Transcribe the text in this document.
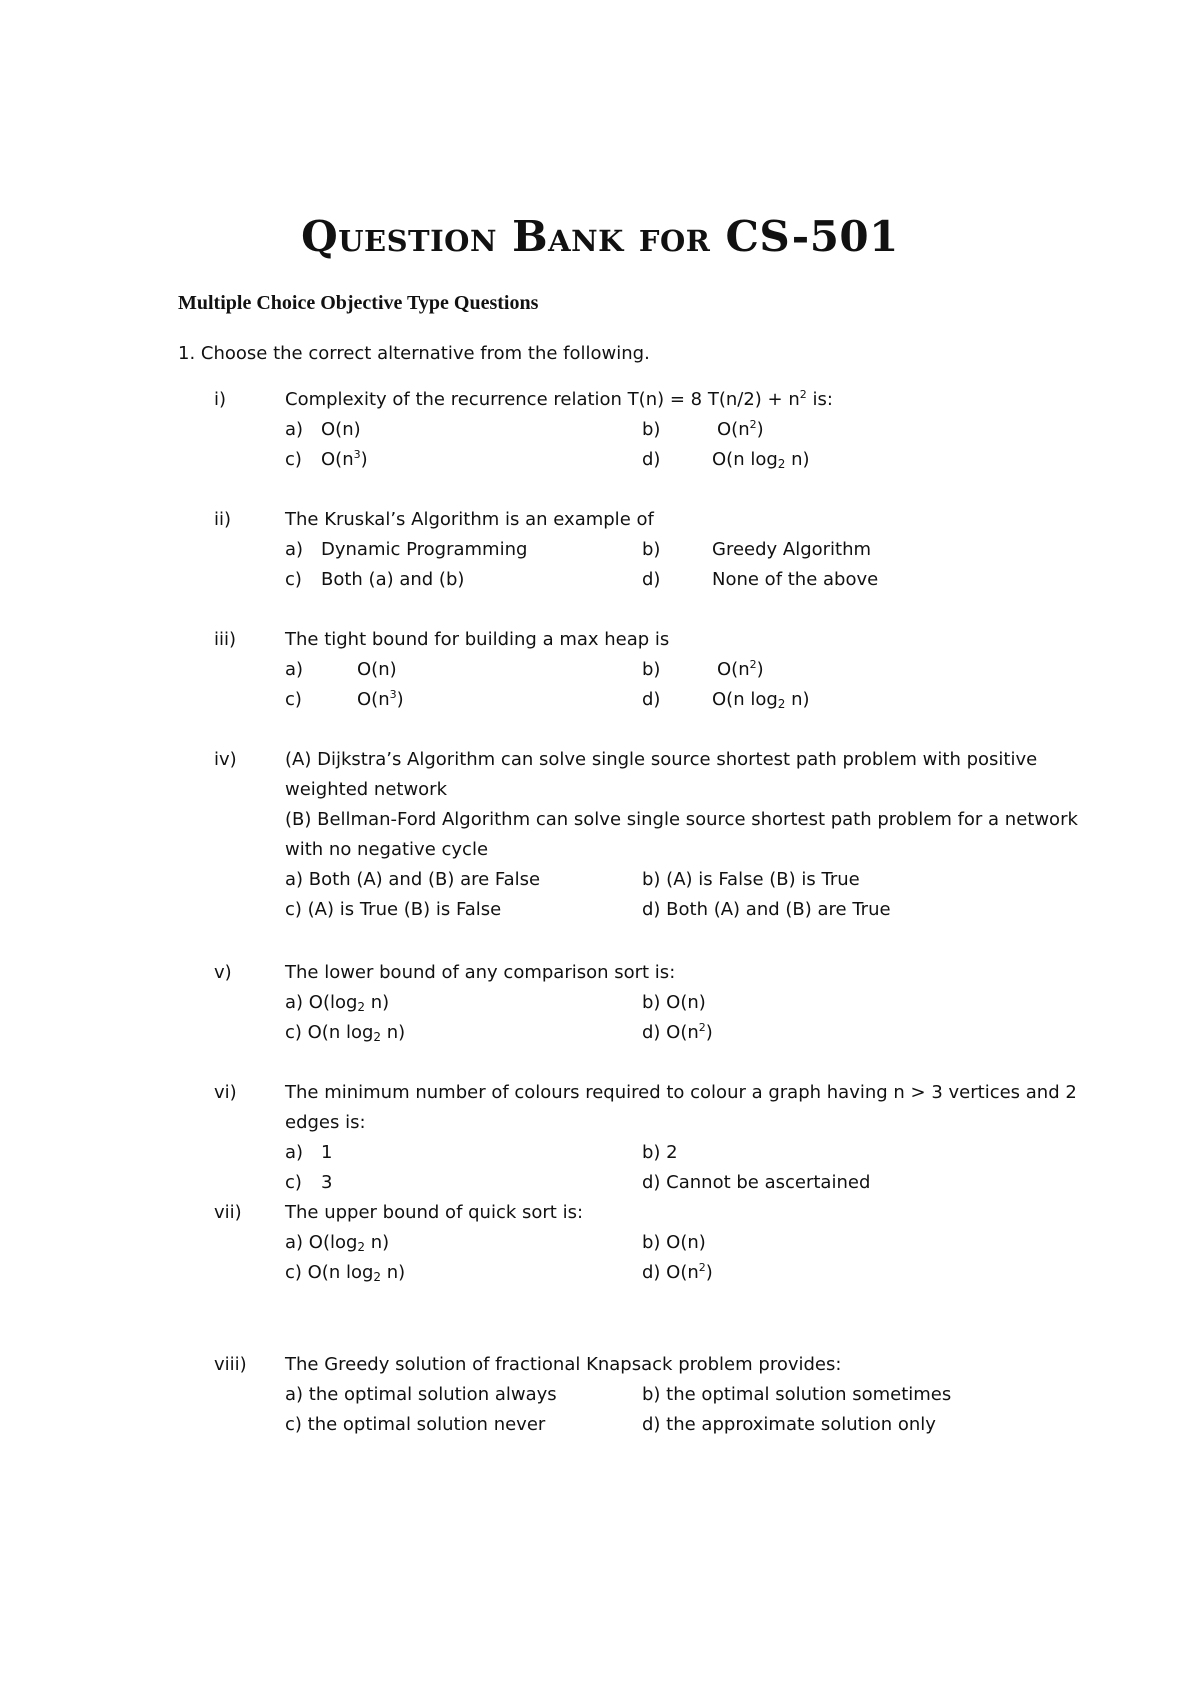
Question Bank for CS-501
Multiple Choice Objective Type Questions
1. Choose the correct alternative from the following.
i)	Complexity of the recurrence relation T(n) = 8 $T(n/2) + n^2$ is:
a) O(n)	b)	$O(n^2)$
c) $O(n^3)$	d)	O(n $\log_2 n$)
ii)	The Kruskal’s Algorithm is an example of
a) Dynamic Programming	b)	Greedy Algorithm
c) Both (a) and (b)	d)	None of the above
iii)	The tight bound for building a max heap is
a)	O(n)	b)	$O(n^2)$
c)	$O(n^3)$	d)	O(n $\log_2 n$)
iv)	(A) Dijkstra’s Algorithm can solve single source shortest path problem with positive
weighted network
(B) Bellman-Ford Algorithm can solve single source shortest path problem for a network
with no negative cycle
a) Both (A) and (B) are False	b) (A) is False (B) is True
c) (A) is True (B) is False	d) Both (A) and (B) are True
v)	The lower bound of any comparison sort is:
a) $O(\log_2$ n)	b) O(n)
c) O(n $\log_2 n$)	d) $O(n^2)$
vi)	The minimum number of colours required to colour a graph having n > 3 vertices and 2
edges is:
a) 1	b) 2
c) 3	d) Cannot be ascertained
vii) The upper bound of quick sort is:
a) $O(\log_2$ n)	b) O(n)
c) O(n $\log_2 n$)	d) $O(n^2)$
viii) The Greedy solution of fractional Knapsack problem provides:
a) the optimal solution always	b) the optimal solution sometimes
c) the optimal solution never	d) the approximate solution only
